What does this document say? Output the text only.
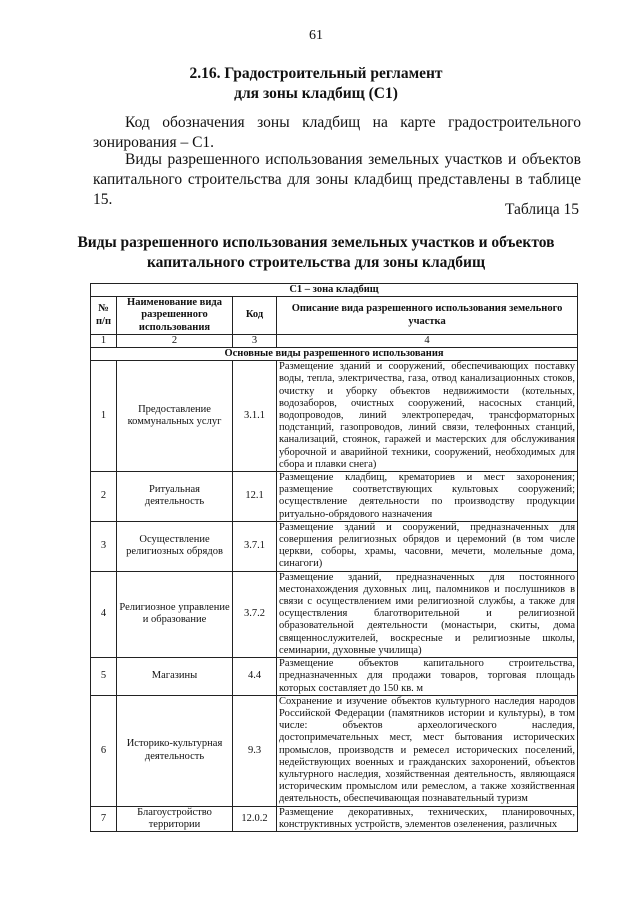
61
2.16. Градостроительный регламент
для зоны кладбищ (С1)
Код обозначения зоны кладбищ на карте градостроительного зонирования – С1.
Виды разрешенного использования земельных участков и объектов капитального строительства для зоны кладбищ представлены в таблице 15.
Таблица 15
Виды разрешенного использования земельных участков и объектов
капитального строительства для зоны кладбищ
С1 – зона кладбищ			
№ п/п	Наименование вида разрешенного использования	Код	Описание вида разрешенного использования земельного участка
1	2	3	4
Основные виды разрешенного использования			
1	Предоставление коммунальных услуг	3.1.1	Размещение зданий и сооружений, обеспечивающих поставку воды, тепла, электричества, газа, отвод канализационных стоков, очистку и уборку объектов недвижимости (котельных, водозаборов, очистных сооружений, насосных станций, водопроводов, линий электропередач, трансформаторных подстанций, газопроводов, линий связи, телефонных станций, канализаций, стоянок, гаражей и мастерских для обслуживания уборочной и аварийной техники, сооружений, необходимых для сбора и плавки снега)
2	Ритуальная деятельность	12.1	Размещение кладбищ, крематориев и мест захоронения; размещение соответствующих культовых сооружений; осуществление деятельности по производству продукции ритуально-обрядового назначения
3	Осуществление религиозных обрядов	3.7.1	Размещение зданий и сооружений, предназначенных для совершения религиозных обрядов и церемоний (в том числе церкви, соборы, храмы, часовни, мечети, молельные дома, синагоги)
4	Религиозное управление и образование	3.7.2	Размещение зданий, предназначенных для постоянного местонахождения духовных лиц, паломников и послушников в связи с осуществлением ими религиозной службы, а также для осуществления благотворительной и религиозной образовательной деятельности (монастыри, скиты, дома священнослужителей, воскресные и религиозные школы, семинарии, духовные училища)
5	Магазины	4.4	Размещение объектов капитального строительства, предназначенных для продажи товаров, торговая площадь которых составляет до 150 кв. м
6	Историко-культурная деятельность	9.3	Сохранение и изучение объектов культурного наследия народов Российской Федерации (памятников истории и культуры), в том числе: объектов археологического наследия, достопримечательных мест, мест бытования исторических промыслов, производств и ремесел исторических поселений, недействующих военных и гражданских захоронений, объектов культурного наследия, хозяйственная деятельность, являющаяся историческим промыслом или ремеслом, а также хозяйственная деятельность, обеспечивающая познавательный туризм
7	Благоустройство территории	12.0.2	Размещение декоративных, технических, планировочных, конструктивных устройств, элементов озеленения, различных
